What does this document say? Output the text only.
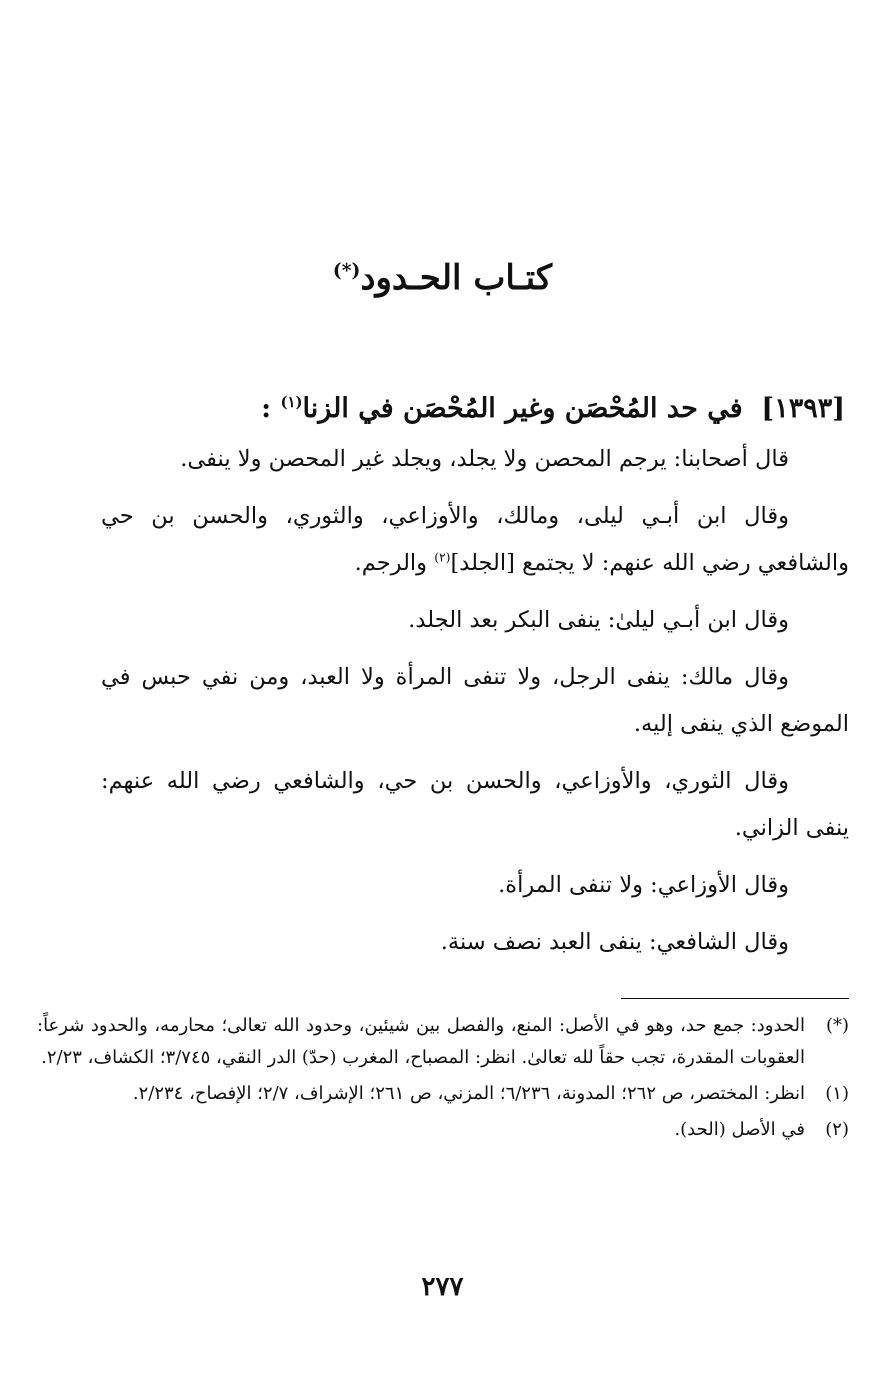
كتـاب الحـدود(*)
[١٣٩٣]  في حد المُحْصَن وغير المُحْصَن في الزنا$^{(١)}$ :

قال أصحابنا: يرجم المحصن ولا يجلد، ويجلد غير المحصن ولا ينفى.

وقال ابن أبـي ليلى، ومالك، والأوزاعي، والثوري، والحسن بن حي والشافعي رضي الله عنهم: لا يجتمع [الجلد]$^{(٢)}$ والرجم.

وقال ابن أبـي ليلىٰ: ينفى البكر بعد الجلد.

وقال مالك: ينفى الرجل، ولا تنفى المرأة ولا العبد، ومن نفي حبس في الموضع الذي ينفى إليه.

وقال الثوري، والأوزاعي، والحسن بن حي، والشافعي رضي الله عنهم: ينفى الزاني.

وقال الأوزاعي: ولا تنفى المرأة.

وقال الشافعي: ينفى العبد نصف سنة.

(*)
الحدود: جمع حد، وهو في الأصل: المنع، والفصل بين شيئين، وحدود الله تعالى؛ محارمه، والحدود شرعاً: العقوبات المقدرة، تجب حقاً لله تعالىٰ. انظر: المصباح، المغرب (حدّ) الدر النقي، ٣/٧٤٥؛ الكشاف، ٢/٢٣.
(١)
انظر: المختصر، ص ٢٦٢؛ المدونة، ٦/٢٣٦؛ المزني، ص ٢٦١؛ الإشراف، ٢/٧؛ الإفصاح، ٢/٢٣٤.
(٢)
في الأصل (الحد).
٢٧٧
